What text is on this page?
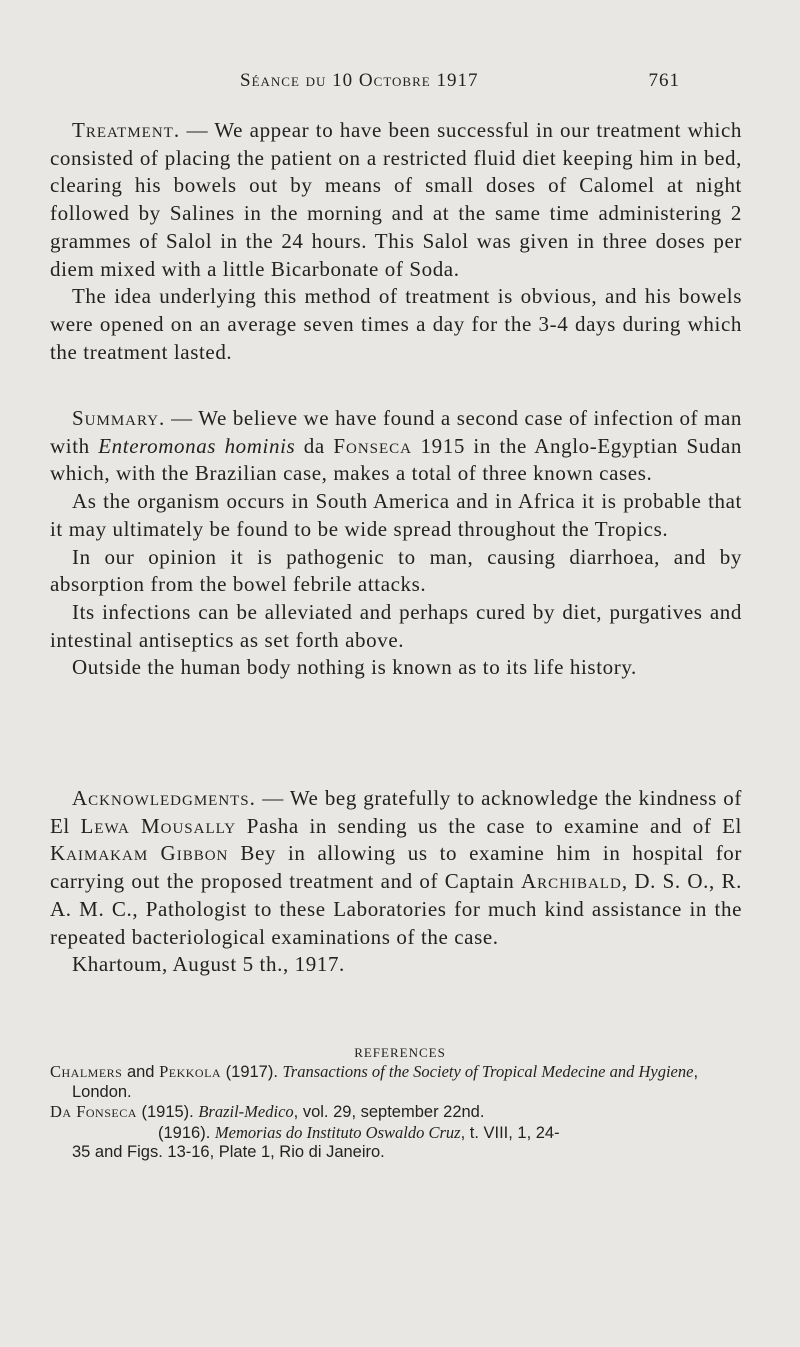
Séance du 10 Octobre 1917	761

Treatment. — We appear to have been successful in our treatment which consisted of placing the patient on a restricted fluid diet keeping him in bed, clearing his bowels out by means of small doses of Calomel at night followed by Salines in the morning and at the same time administering 2 grammes of Salol in the 24 hours. This Salol was given in three doses per diem mixed with a little Bicarbonate of Soda.

The idea underlying this method of treatment is obvious, and his bowels were opened on an average seven times a day for the 3-4 days during which the treatment lasted.

Summary. — We believe we have found a second case of infection of man with Enteromonas hominis da Fonseca 1915 in the Anglo-Egyptian Sudan which, with the Brazilian case, makes a total of three known cases.

As the organism occurs in South America and in Africa it is probable that it may ultimately be found to be wide spread throughout the Tropics.

In our opinion it is pathogenic to man, causing diarrhoea, and by absorption from the bowel febrile attacks.

Its infections can be alleviated and perhaps cured by diet, purgatives and intestinal antiseptics as set forth above.

Outside the human body nothing is known as to its life history.

Acknowledgments. — We beg gratefully to acknowledge the kindness of El Lewa Mousally Pasha in sending us the case to examine and of El Kaimakam Gibbon Bey in allowing us to examine him in hospital for carrying out the proposed treatment and of Captain Archibald, D. S. O., R. A. M. C., Pathologist to these Laboratories for much kind assistance in the repeated bacteriological examinations of the case.

Khartoum, August 5 th., 1917.

REFERENCES

Chalmers and Pekkola (1917). Transactions of the Society of Tropical Medecine and Hygiene, London.

Da Fonseca (1915). Brazil-Medico, vol. 29, september 22nd.

(1916). Memorias do Instituto Oswaldo Cruz, t. VIII, 1, 24-
35 and Figs. 13-16, Plate 1, Rio di Janeiro.
